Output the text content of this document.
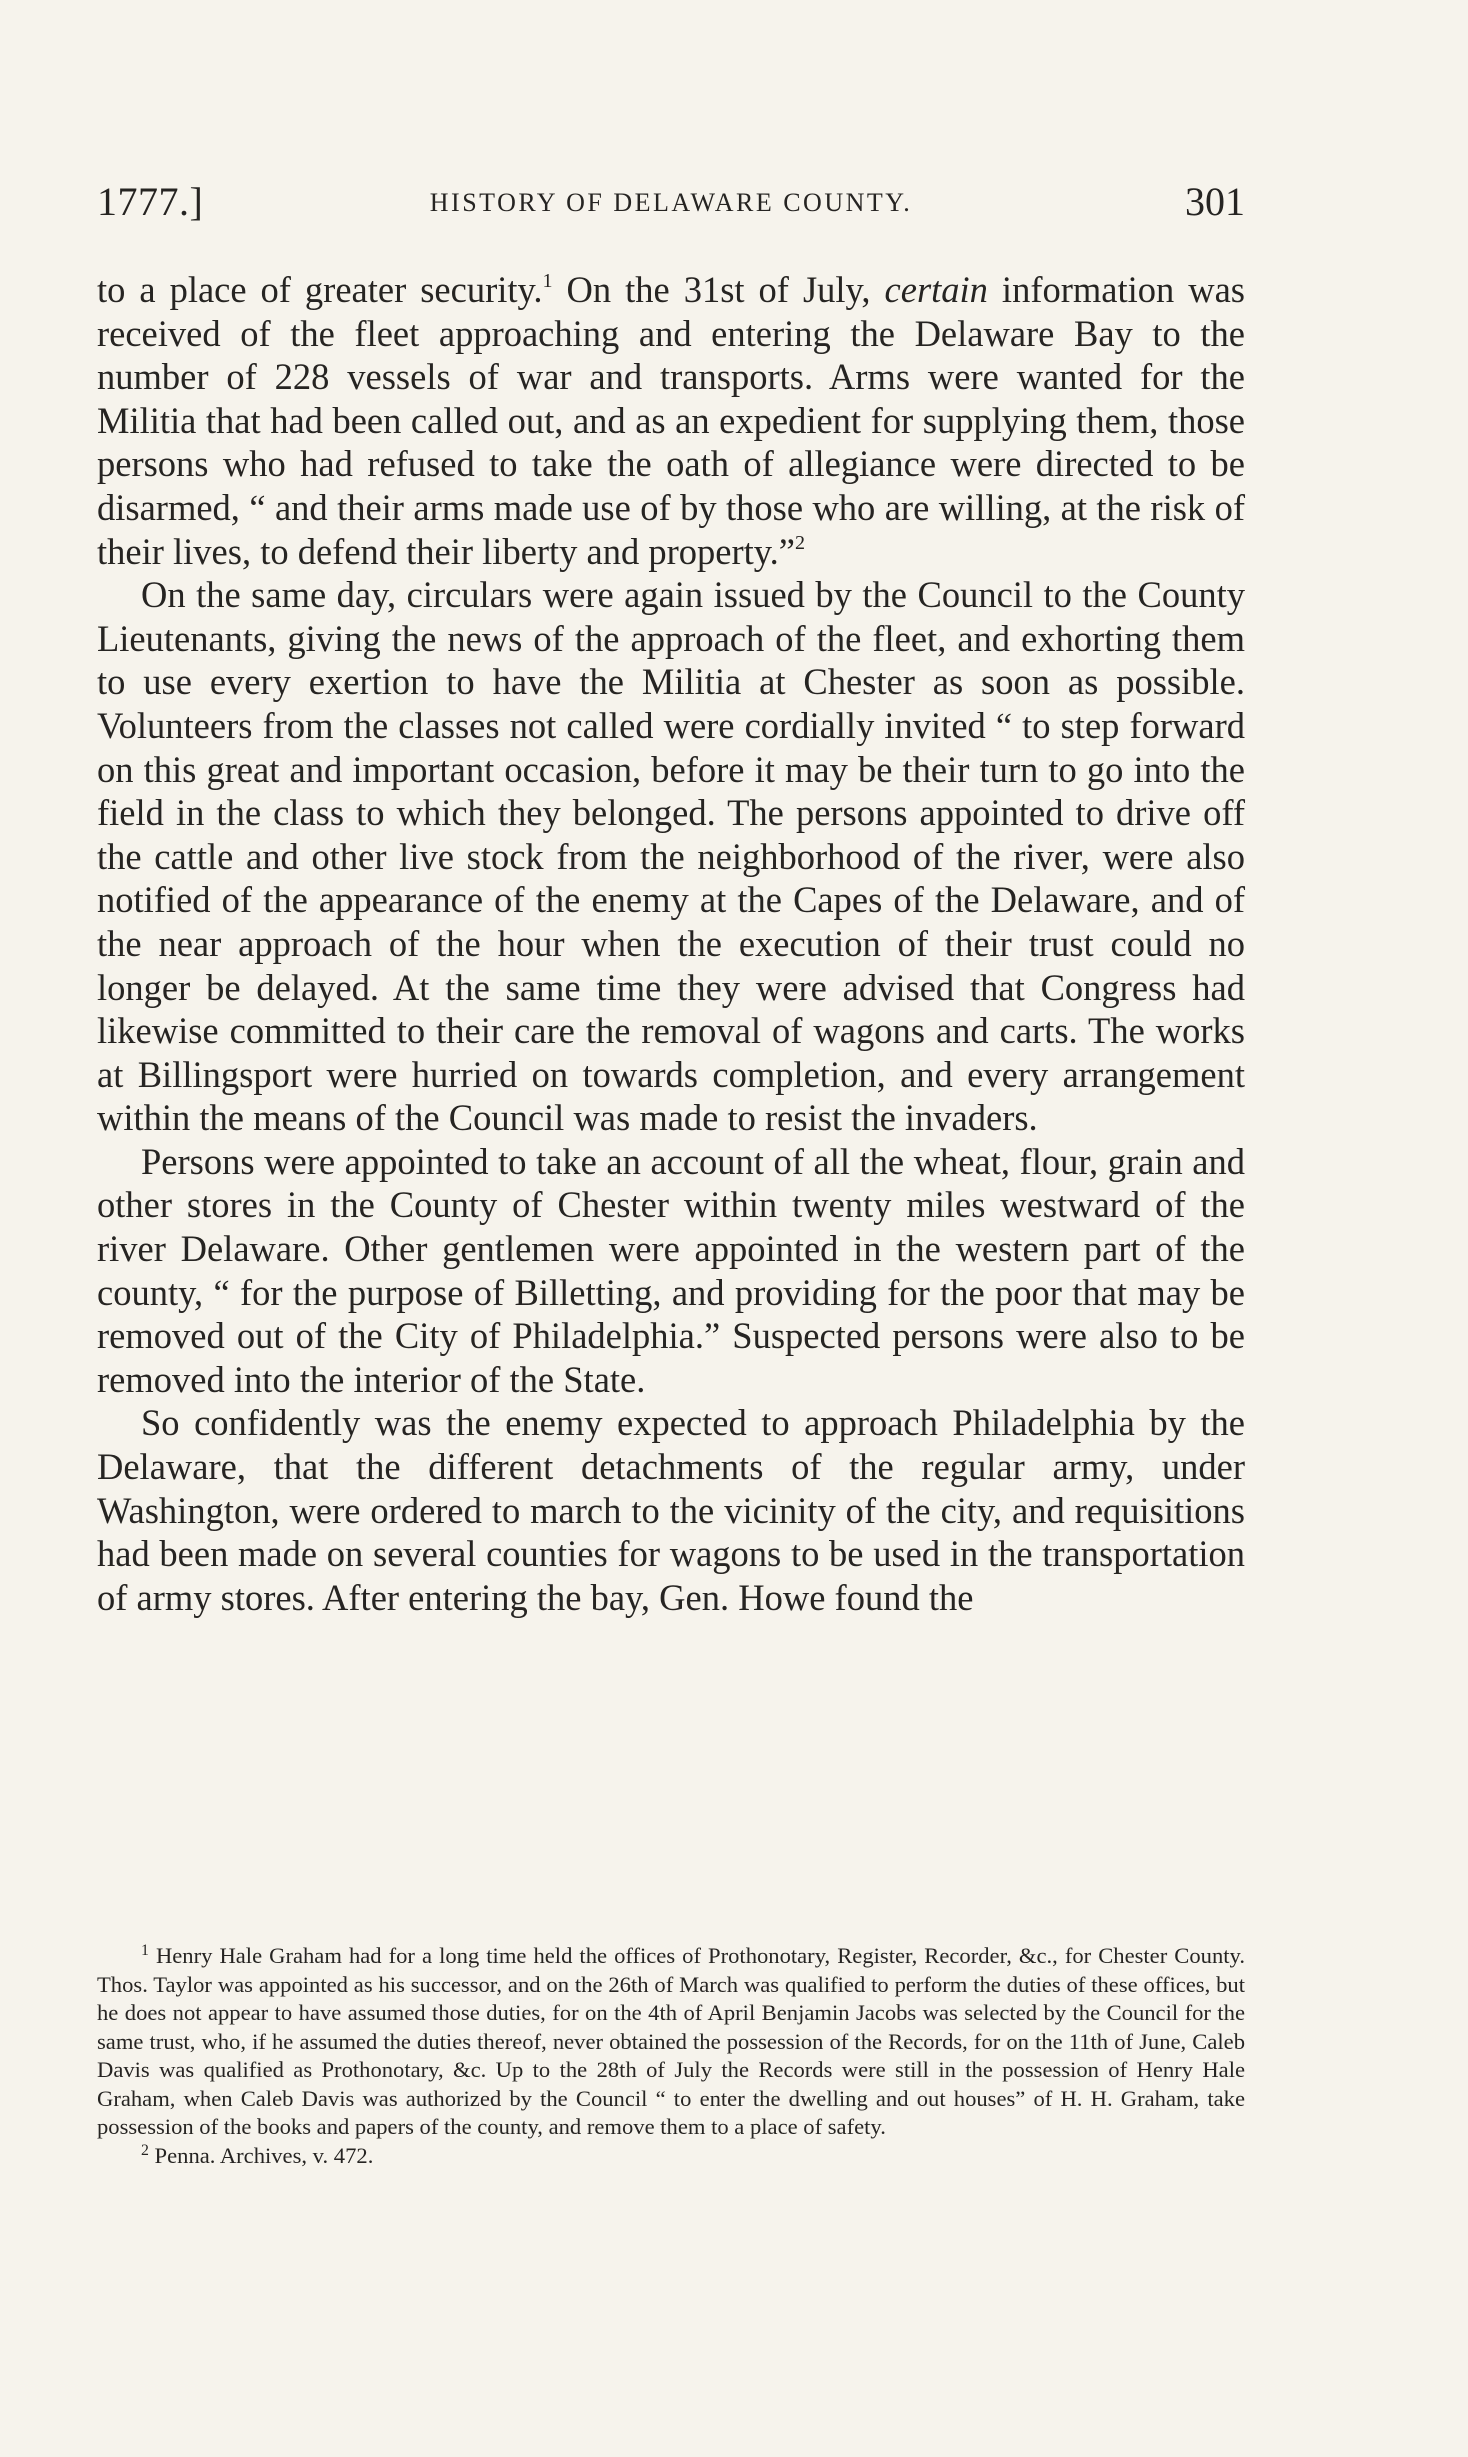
1777.]	HISTORY OF DELAWARE COUNTY.	301

to a place of greater security.$^1$ On the 31st of July, certain information was received of the fleet approaching and entering the Delaware Bay to the number of 228 vessels of war and transports. Arms were wanted for the Militia that had been called out, and as an expedient for supplying them, those persons who had refused to take the oath of allegiance were directed to be disarmed, “ and their arms made use of by those who are willing, at the risk of their lives, to defend their liberty and property.”$^2$

On the same day, circulars were again issued by the Council to the County Lieutenants, giving the news of the approach of the fleet, and exhorting them to use every exertion to have the Militia at Chester as soon as possible. Volunteers from the classes not called were cordially invited “ to step forward on this great and important occasion, before it may be their turn to go into the field in the class to which they belonged. The persons appointed to drive off the cattle and other live stock from the neighborhood of the river, were also notified of the appearance of the enemy at the Capes of the Delaware, and of the near approach of the hour when the execution of their trust could no longer be delayed. At the same time they were advised that Congress had likewise committed to their care the removal of wagons and carts. The works at Billingsport were hurried on towards completion, and every arrangement within the means of the Council was made to resist the invaders.

Persons were appointed to take an account of all the wheat, flour, grain and other stores in the County of Chester within twenty miles westward of the river Delaware. Other gentlemen were appointed in the western part of the county, “ for the purpose of Billetting, and providing for the poor that may be removed out of the City of Philadelphia.” Suspected persons were also to be removed into the interior of the State.

So confidently was the enemy expected to approach Philadelphia by the Delaware, that the different detachments of the regular army, under Washington, were ordered to march to the vicinity of the city, and requisitions had been made on several counties for wagons to be used in the transportation of army stores. After entering the bay, Gen. Howe found the

$^1$ Henry Hale Graham had for a long time held the offices of Prothonotary, Register, Recorder, &c., for Chester County. Thos. Taylor was appointed as his successor, and on the 26th of March was qualified to perform the duties of these offices, but he does not appear to have assumed those duties, for on the 4th of April Benjamin Jacobs was selected by the Council for the same trust, who, if he assumed the duties thereof, never obtained the possession of the Records, for on the 11th of June, Caleb Davis was qualified as Prothonotary, &c. Up to the 28th of July the Records were still in the possession of Henry Hale Graham, when Caleb Davis was authorized by the Council “ to enter the dwelling and out houses” of H. H. Graham, take possession of the books and papers of the county, and remove them to a place of safety.

$^2$ Penna. Archives, v. 472.
